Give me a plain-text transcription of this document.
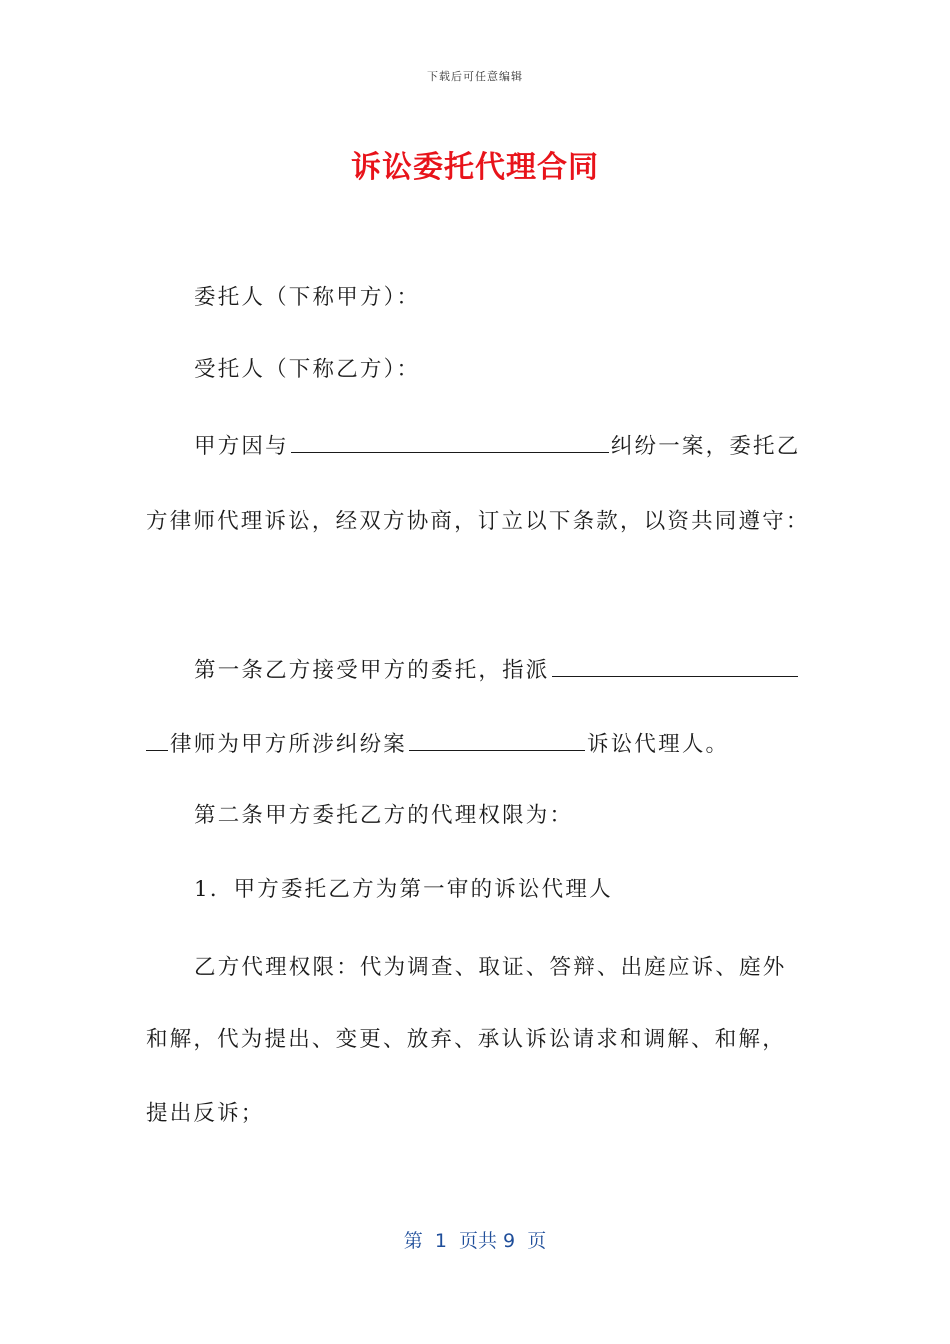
下载后可任意编辑
诉讼委托代理合同
委托人（下称甲方）：
受托人（下称乙方）：
甲方因与	纠纷一案，委托乙
方律师代理诉讼，经双方协商，订立以下条款，以资共同遵守：
第一条乙方接受甲方的委托，指派
律师为甲方所涉纠纷案	诉讼代理人。
第二条甲方委托乙方的代理权限为：
1．甲方委托乙方为第一审的诉讼代理人
乙方代理权限：代为调查、取证、答辩、出庭应诉、庭外
和解，代为提出、变更、放弃、承认诉讼请求和调解、和解，
提出反诉；
第  1  页共 9  页
